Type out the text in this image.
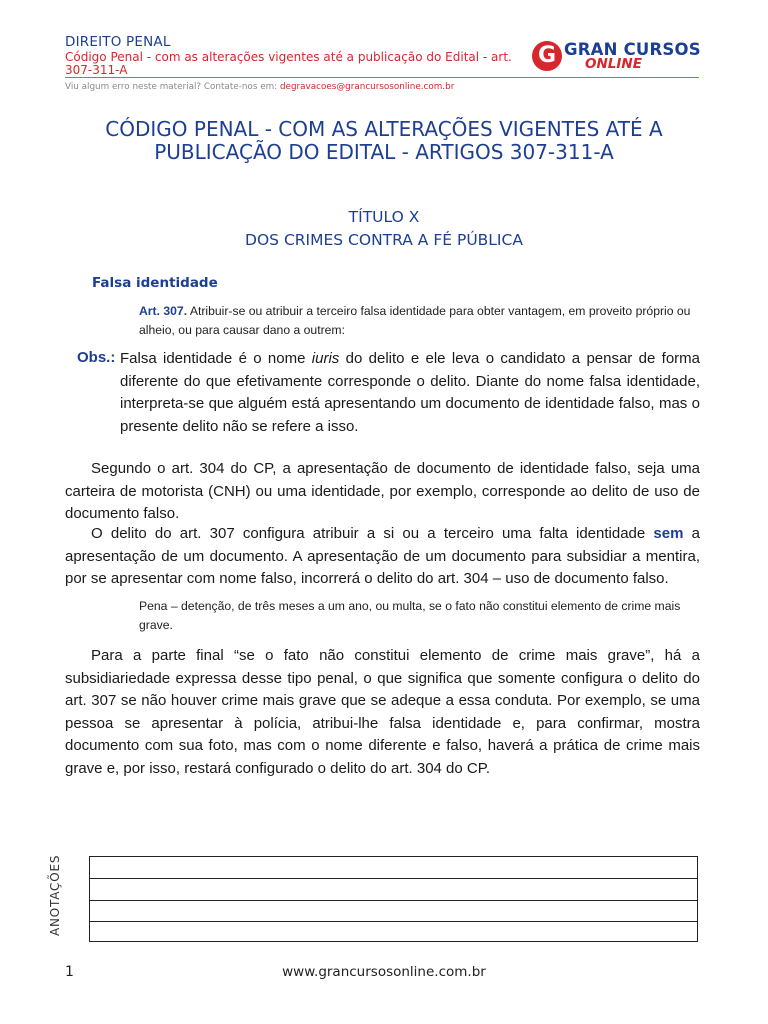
DIREITO PENAL
Código Penal - com as alterações vigentes até a publicação do Edital - art. 307-311-A
G GRAN CURSOS
ONLINE
Viu algum erro neste material? Contate-nos em: degravacoes@grancursosonline.com.br
CÓDIGO PENAL - COM AS ALTERAÇÕES VIGENTES ATÉ A
PUBLICAÇÃO DO EDITAL - ARTIGOS 307-311-A
TÍTULO X
DOS CRIMES CONTRA A FÉ PÚBLICA
Falsa identidade
Art. 307. Atribuir-se ou atribuir a terceiro falsa identidade para obter vantagem, em proveito próprio ou alheio, ou para causar dano a outrem:
Obs.: Falsa identidade é o nome iuris do delito e ele leva o candidato a pensar de forma diferente do que efetivamente corresponde o delito. Diante do nome falsa identidade, interpreta-se que alguém está apresentando um documento de identidade falso, mas o presente delito não se refere a isso.
Segundo o art. 304 do CP, a apresentação de documento de identidade falso, seja uma carteira de motorista (CNH) ou uma identidade, por exemplo, corresponde ao delito de uso de documento falso.
O delito do art. 307 configura atribuir a si ou a terceiro uma falta identidade sem a apresentação de um documento. A apresentação de um documento para subsidiar a mentira, por se apresentar com nome falso, incorrerá o delito do art. 304 – uso de documento falso.
Pena – detenção, de três meses a um ano, ou multa, se o fato não constitui elemento de crime mais grave.
Para a parte final “se o fato não constitui elemento de crime mais grave”, há a subsidiariedade expressa desse tipo penal, o que significa que somente configura o delito do art. 307 se não houver crime mais grave que se adeque a essa conduta. Por exemplo, se uma pessoa se apresentar à polícia, atribui-lhe falsa identidade e, para confirmar, mostra documento com sua foto, mas com o nome diferente e falso, haverá a prática de crime mais grave e, por isso, restará configurado o delito do art. 304 do CP.
ANOTAÇÕES
1	www.grancursosonline.com.br
